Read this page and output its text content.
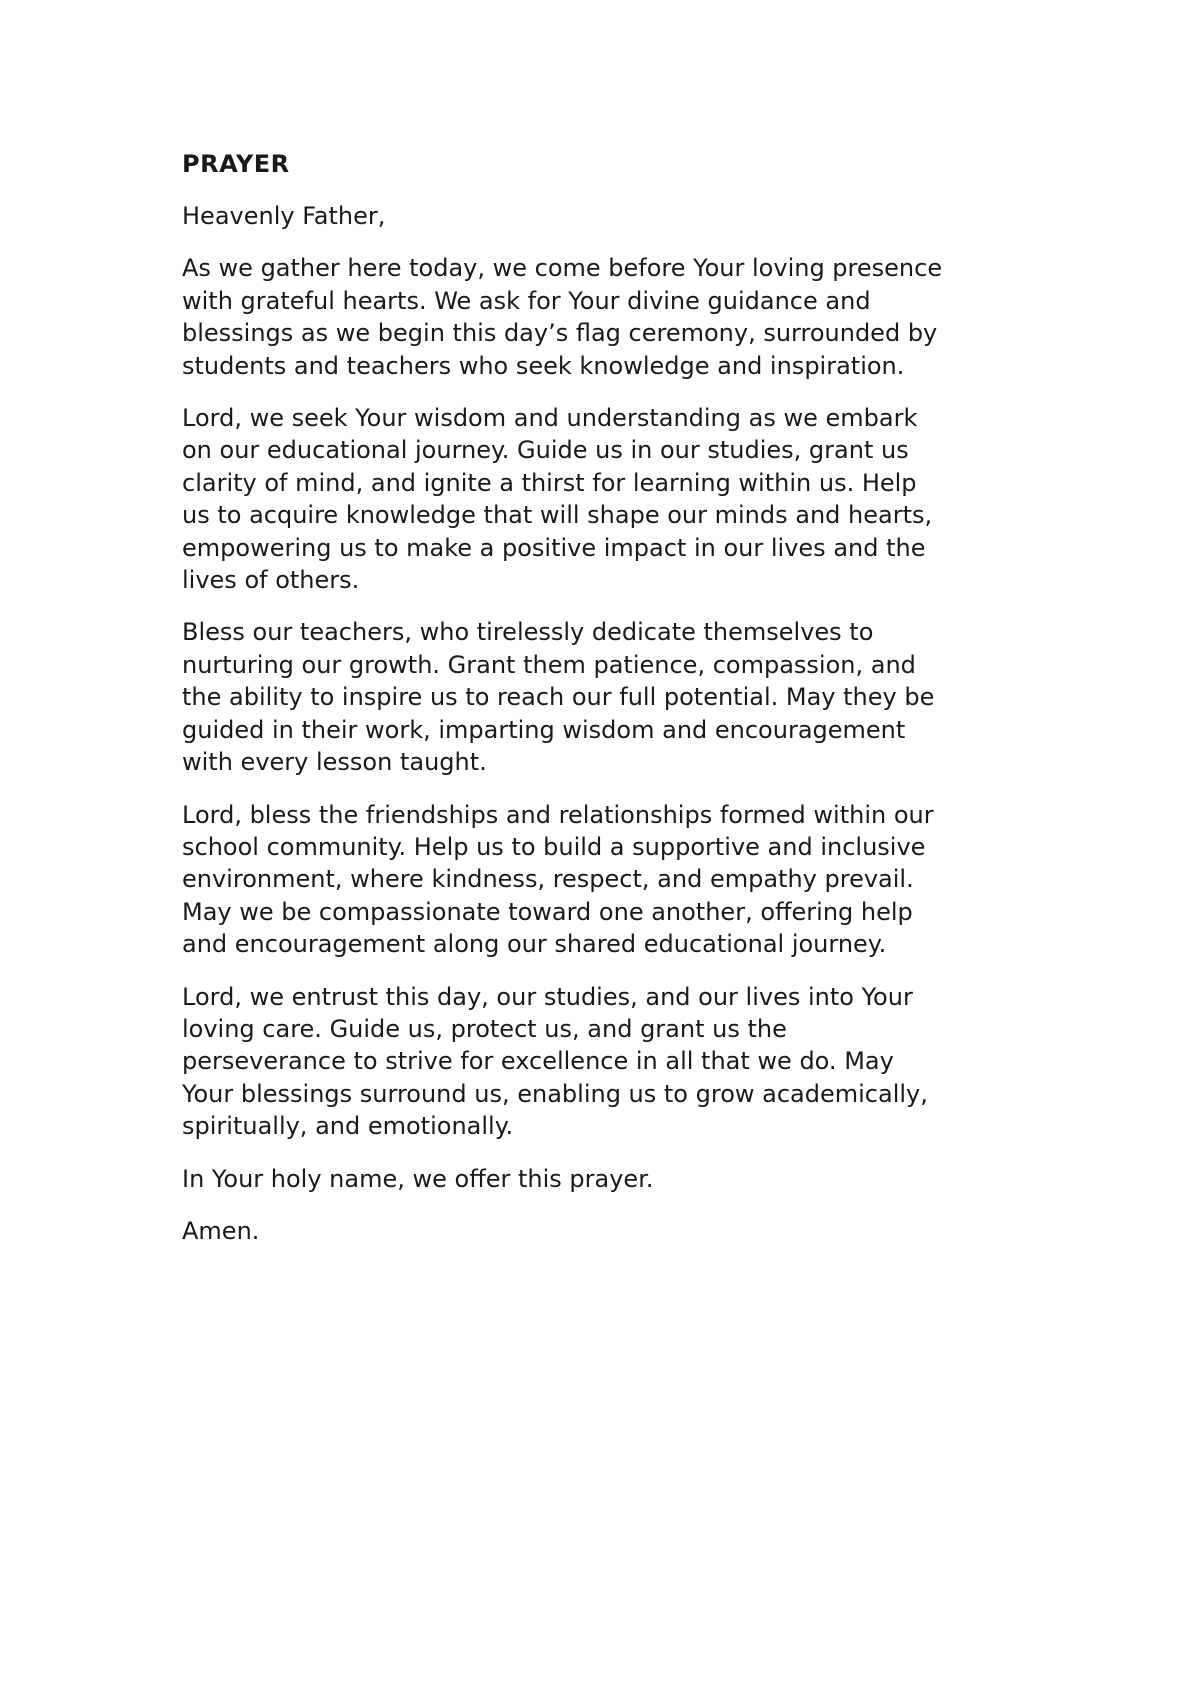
PRAYER

Heavenly Father,

As we gather here today, we come before Your loving presence
with grateful hearts. We ask for Your divine guidance and
blessings as we begin this day’s flag ceremony, surrounded by
students and teachers who seek knowledge and inspiration.

Lord, we seek Your wisdom and understanding as we embark
on our educational journey. Guide us in our studies, grant us
clarity of mind, and ignite a thirst for learning within us. Help
us to acquire knowledge that will shape our minds and hearts,
empowering us to make a positive impact in our lives and the
lives of others.

Bless our teachers, who tirelessly dedicate themselves to
nurturing our growth. Grant them patience, compassion, and
the ability to inspire us to reach our full potential. May they be
guided in their work, imparting wisdom and encouragement
with every lesson taught.

Lord, bless the friendships and relationships formed within our
school community. Help us to build a supportive and inclusive
environment, where kindness, respect, and empathy prevail.
May we be compassionate toward one another, offering help
and encouragement along our shared educational journey.

Lord, we entrust this day, our studies, and our lives into Your
loving care. Guide us, protect us, and grant us the
perseverance to strive for excellence in all that we do. May
Your blessings surround us, enabling us to grow academically,
spiritually, and emotionally.

In Your holy name, we offer this prayer.

Amen.
